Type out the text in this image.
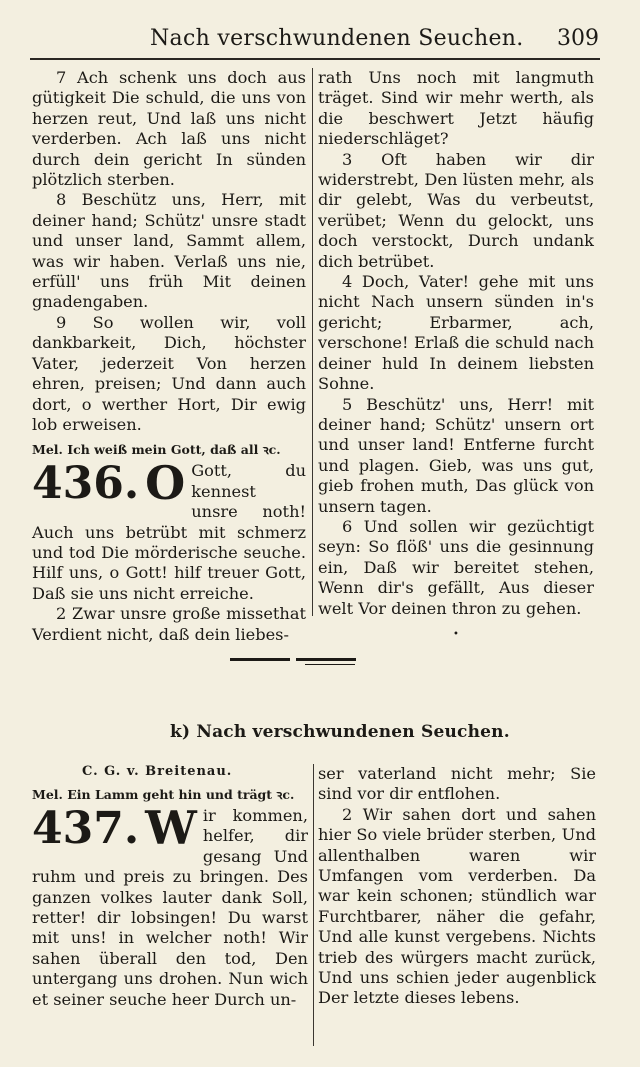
Nach verschwundenen Seuchen. 309

7 Ach schenk uns doch aus gütigkeit Die schuld, die uns von herzen reut, Und laß uns nicht verderben. Ach laß uns nicht durch dein gericht In sünden plötzlich sterben.

8 Beschütz uns, Herr, mit deiner hand; Schütz' unsre stadt und unser land, Sammt allem, was wir haben. Verlaß uns nie, erfüll' uns früh Mit deinen gnadengaben.

9 So wollen wir, voll dankbarkeit, Dich, höchster Vater, jederzeit Von herzen ehren, preisen; Und dann auch dort, o werther Hort, Dir ewig lob erweisen.

Mel. Ich weiß mein Gott, daß all ꝛc.

436. O Gott, du kennest unsre noth! Auch uns betrübt mit schmerz und tod Die mörderische seuche. Hilf uns, o Gott! hilf treuer Gott, Daß sie uns nicht erreiche.

2 Zwar unsre große missethat Verdient nicht, daß dein liebes-

rath Uns noch mit langmuth träget. Sind wir mehr werth, als die beschwert Jetzt häufig niederschläget?

3 Oft haben wir dir widerstrebt, Den lüsten mehr, als dir gelebt, Was du verbeutst, verübet; Wenn du gelockt, uns doch verstockt, Durch undank dich betrübet.

4 Doch, Vater! gehe mit uns nicht Nach unsern sünden in's gericht; Erbarmer, ach, verschone! Erlaß die schuld nach deiner huld In deinem liebsten Sohne.

5 Beschütz' uns, Herr! mit deiner hand; Schütz' unsern ort und unser land! Entferne furcht und plagen. Gieb, was uns gut, gieb frohen muth, Das glück von unsern tagen.

6 Und sollen wir gezüchtigt seyn: So flöß' uns die gesinnung ein, Daß wir bereitet stehen, Wenn dir's gefällt, Aus dieser welt Vor deinen thron zu gehen.

•
k) Nach verschwundenen Seuchen.
C. G. v. Breitenau.

Mel. Ein Lamm geht hin und trägt ꝛc.

437. W ir kommen, helfer, dir gesang Und ruhm und preis zu bringen. Des ganzen volkes lauter dank Soll, retter! dir lobsingen! Du warst mit uns! in welcher noth! Wir sahen überall den tod, Den untergang uns drohen. Nun wich et seiner seuche heer Durch un-

ser vaterland nicht mehr; Sie sind vor dir entflohen.

2 Wir sahen dort und sahen hier So viele brüder sterben, Und allenthalben waren wir Umfangen vom verderben. Da war kein schonen; stündlich war Furchtbarer, näher die gefahr, Und alle kunst vergebens. Nichts trieb des würgers macht zurück, Und uns schien jeder augenblick Der letzte dieses lebens.
